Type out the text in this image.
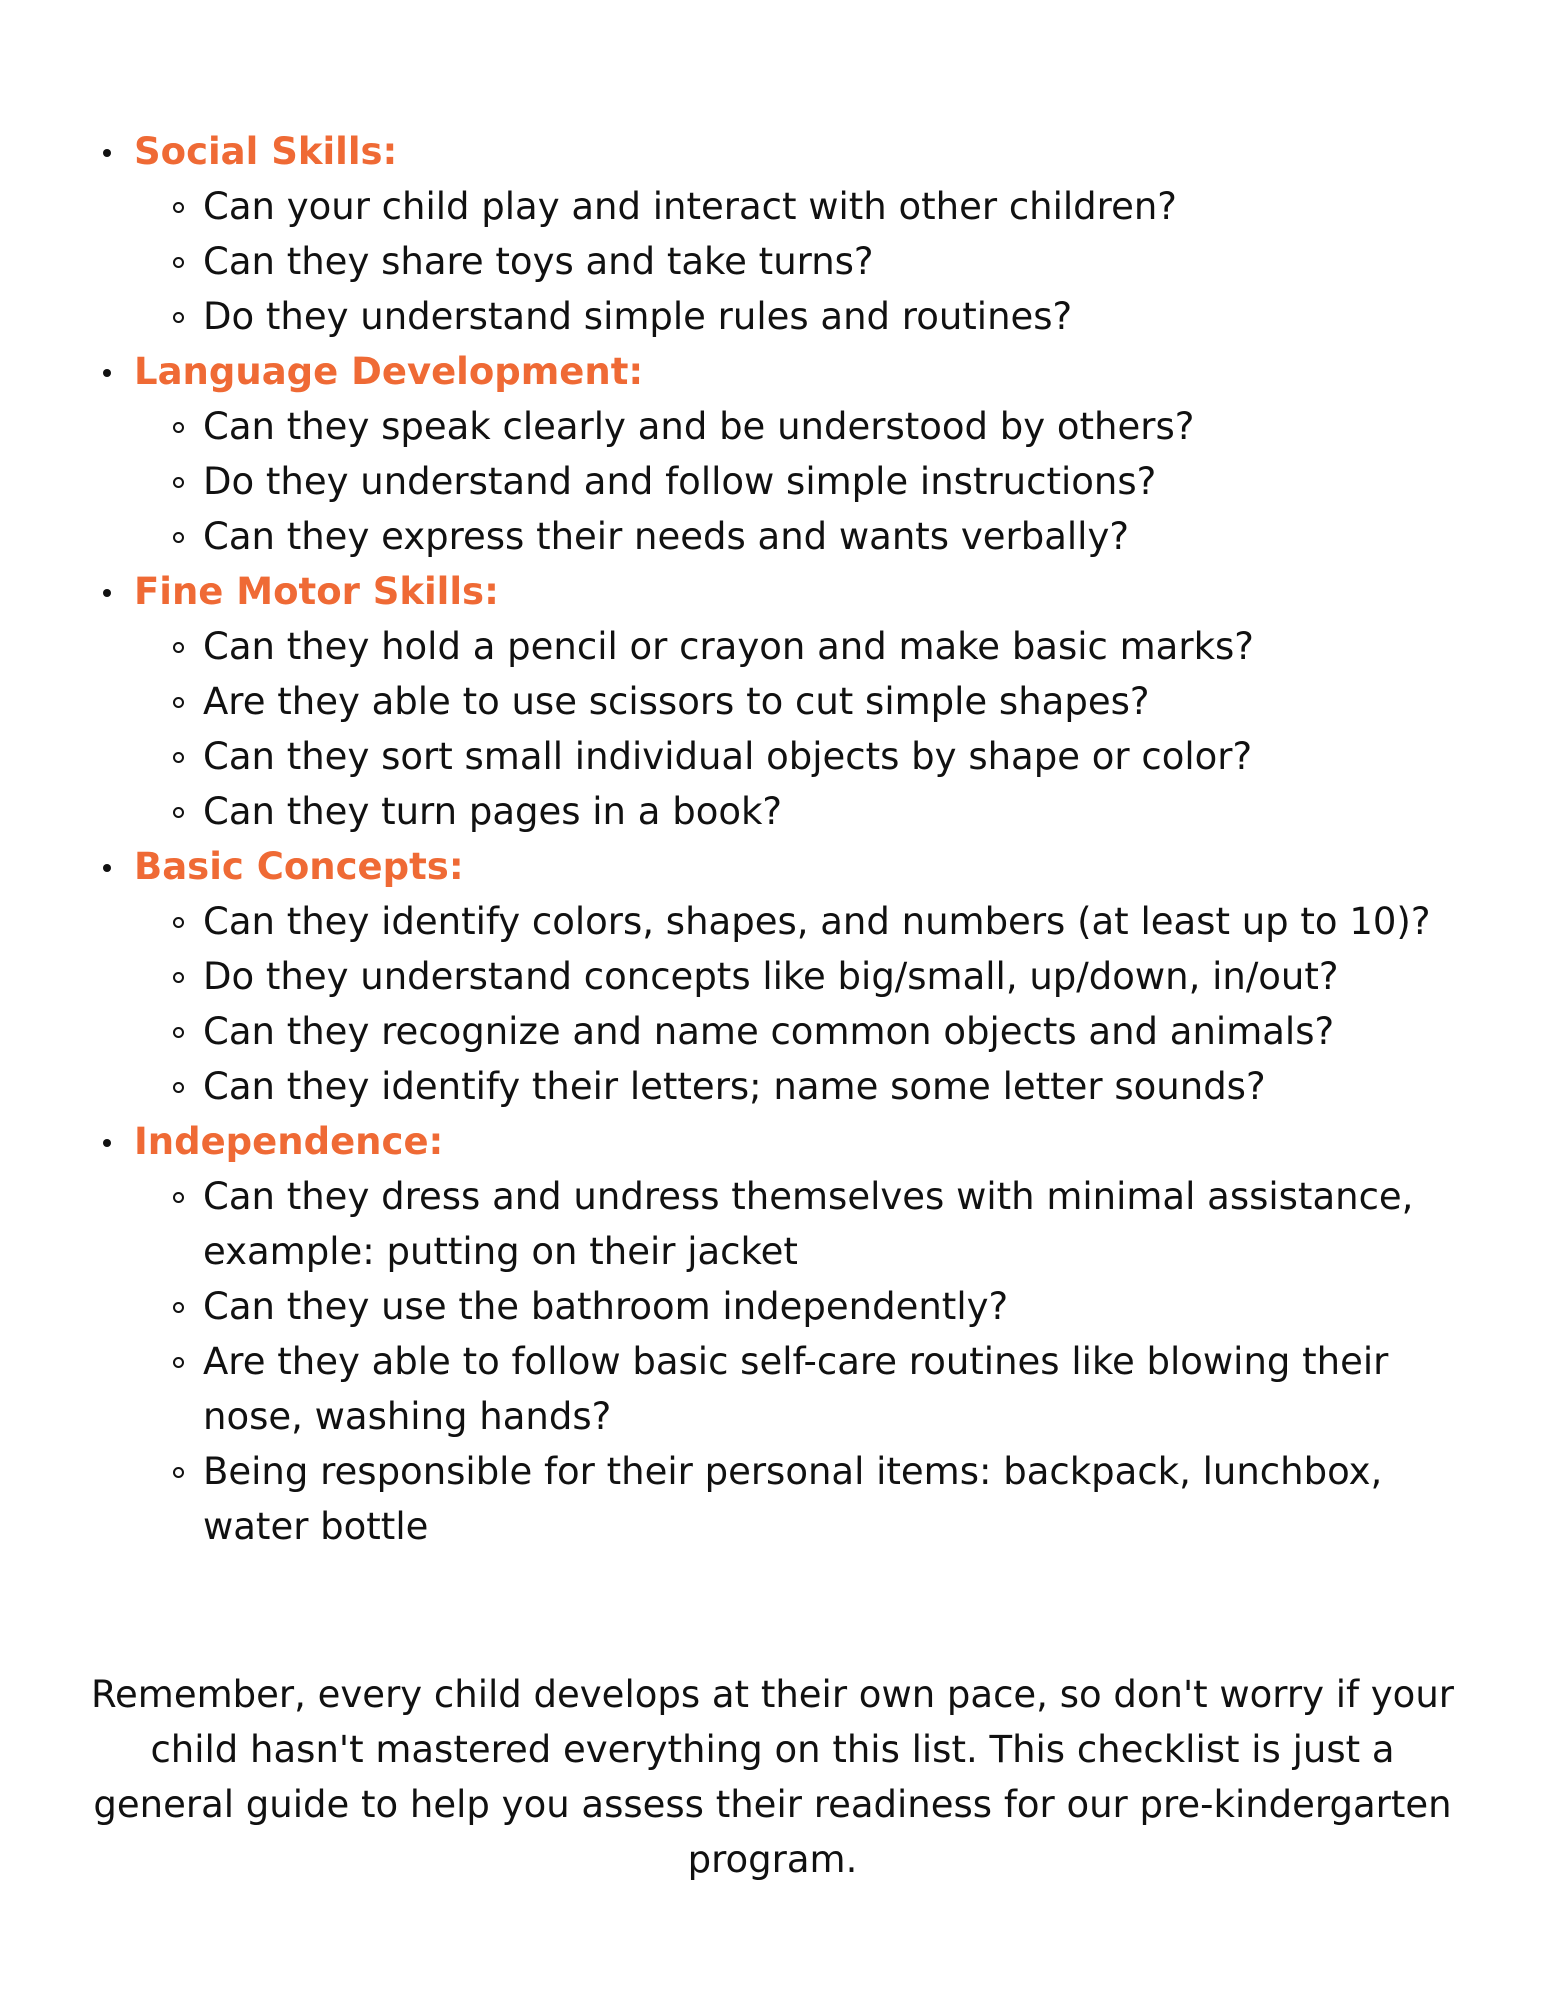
Social Skills:
Can your child play and interact with other children?
Can they share toys and take turns?
Do they understand simple rules and routines?
Language Development:
Can they speak clearly and be understood by others?
Do they understand and follow simple instructions?
Can they express their needs and wants verbally?
Fine Motor Skills:
Can they hold a pencil or crayon and make basic marks?
Are they able to use scissors to cut simple shapes?
Can they sort small individual objects by shape or color?
Can they turn pages in a book?
Basic Concepts:
Can they identify colors, shapes, and numbers (at least up to 10)?
Do they understand concepts like big/small, up/down, in/out?
Can they recognize and name common objects and animals?
Can they identify their letters; name some letter sounds?
Independence:
Can they dress and undress themselves with minimal assistance, example: putting on their jacket
Can they use the bathroom independently?
Are they able to follow basic self-care routines like blowing their nose, washing hands?
Being responsible for their personal items: backpack, lunchbox, water bottle

Remember, every child develops at their own pace, so don't worry if your child hasn't mastered everything on this list. This checklist is just a general guide to help you assess their readiness for our pre-kindergarten program.
